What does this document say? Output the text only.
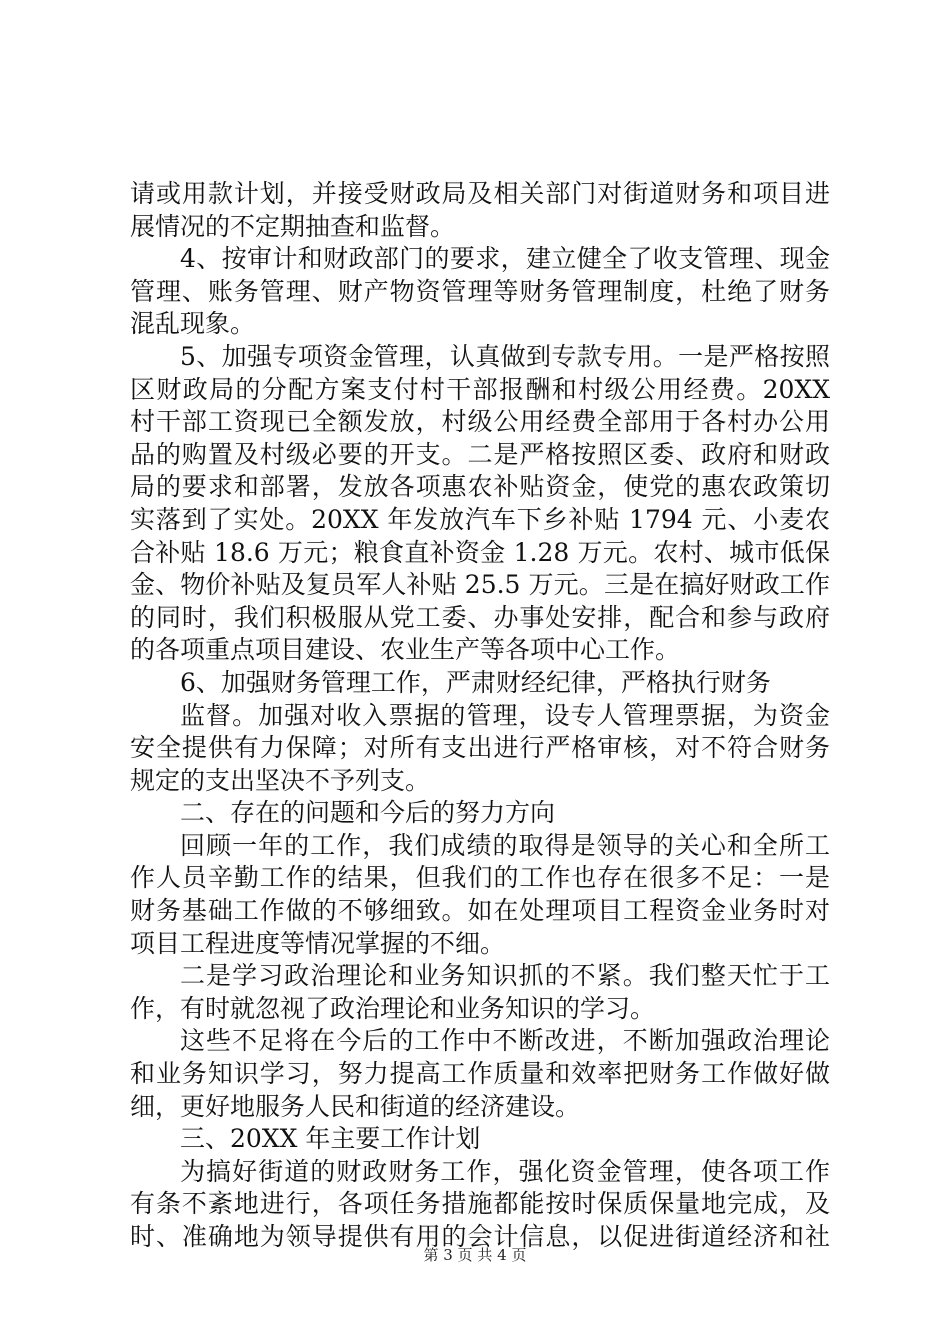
请或用款计划，并接受财政局及相关部门对街道财务和项目进
展情况的不定期抽查和监督。
4、按审计和财政部门的要求，建立健全了收支管理、现金
管理、账务管理、财产物资管理等财务管理制度，杜绝了财务
混乱现象。
5、加强专项资金管理，认真做到专款专用。一是严格按照
区财政局的分配方案支付村干部报酬和村级公用经费。20XX
村干部工资现已全额发放，村级公用经费全部用于各村办公用
品的购置及村级必要的开支。二是严格按照区委、政府和财政
局的要求和部署，发放各项惠农补贴资金，使党的惠农政策切
实落到了实处。20XX 年发放汽车下乡补贴 1794 元、小麦农
合补贴 18.6 万元；粮食直补资金 1.28 万元。农村、城市低保
金、物价补贴及复员军人补贴 25.5 万元。三是在搞好财政工作
的同时，我们积极服从党工委、办事处安排，配合和参与政府
的各项重点项目建设、农业生产等各项中心工作。
6、加强财务管理工作，严肃财经纪律，严格执行财务
监督。加强对收入票据的管理，设专人管理票据，为资金
安全提供有力保障；对所有支出进行严格审核，对不符合财务
规定的支出坚决不予列支。
二、存在的问题和今后的努力方向
回顾一年的工作，我们成绩的取得是领导的关心和全所工
作人员辛勤工作的结果，但我们的工作也存在很多不足：一是
财务基础工作做的不够细致。如在处理项目工程资金业务时对
项目工程进度等情况掌握的不细。
二是学习政治理论和业务知识抓的不紧。我们整天忙于工
作，有时就忽视了政治理论和业务知识的学习。
这些不足将在今后的工作中不断改进，不断加强政治理论
和业务知识学习，努力提高工作质量和效率把财务工作做好做
细，更好地服务人民和街道的经济建设。
三、20XX 年主要工作计划
为搞好街道的财政财务工作，强化资金管理，使各项工作
有条不紊地进行，各项任务措施都能按时保质保量地完成，及
时、准确地为领导提供有用的会计信息，以促进街道经济和社
第 3 页 共 4 页
